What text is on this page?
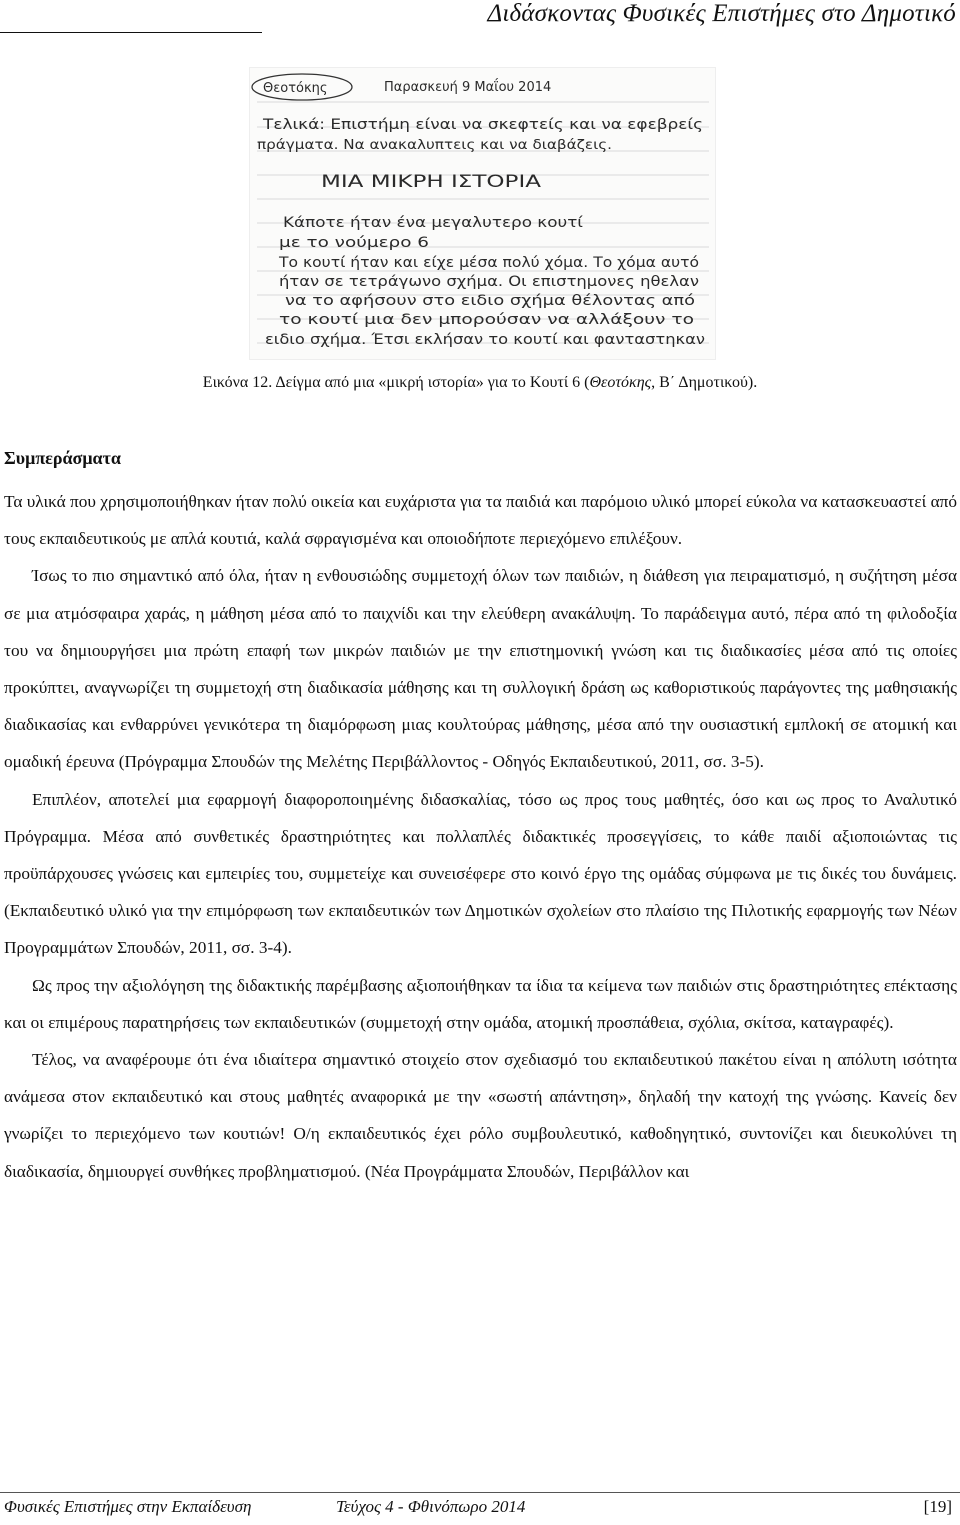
Διδάσκοντας Φυσικές Επιστήμες στο Δημοτικό
Θεοτόκης	Παρασκευή 9 Μαΐου 2014
Τελικά: Επιστήμη είναι να σκεφτείς και να εφεβρείς
πράγματα. Να ανακαλυπτεις και να διαβάζεις.
ΜΙΑ ΜΙΚΡΗ ΙΣΤΟΡΙΑ
Κάποτε ήταν ένα μεγαλυτερο κουτί
με το νούμερο 6
Το κουτί ήταν και είχε μέσα πολύ χόμα. Το χόμα αυτό
ήταν σε τετράγωνο σχήμα. Οι επιστημονες ηθελαν
να το αφήσουν στο ειδιο σχήμα θέλοντας από
το κουτί μια δεν μπορούσαν να αλλάξουν το
ειδιο σχήμα. Έτσι εκλήσαν το κουτί και φανταστηκαν
Εικόνα 12. Δείγμα από μια «μικρή ιστορία» για το Κουτί 6 (Θεοτόκης, Β΄ Δημοτικού).
Συμπεράσματα

Τα υλικά που χρησιμοποιήθηκαν ήταν πολύ οικεία και ευχάριστα για τα παιδιά και παρόμοιο υλικό μπορεί εύκολα να κατασκευαστεί από τους εκπαιδευτικούς με απλά κουτιά, καλά σφραγισμένα και οποιοδήποτε περιεχόμενο επιλέξουν.

Ίσως το πιο σημαντικό από όλα, ήταν η ενθουσιώδης συμμετοχή όλων των παιδιών, η διάθεση για πειραματισμό, η συζήτηση μέσα σε μια ατμόσφαιρα χαράς, η μάθηση μέσα από το παιχνίδι και την ελεύθερη ανακάλυψη. Το παράδειγμα αυτό, πέρα από τη φιλοδοξία του να δημιουργήσει μια πρώτη επαφή των μικρών παιδιών με την επιστημονική γνώση και τις διαδικασίες μέσα από τις οποίες προκύπτει, αναγνωρίζει τη συμμετοχή στη διαδικασία μάθησης και τη συλλογική δράση ως καθοριστικούς παράγοντες της μαθησιακής διαδικασίας και ενθαρρύνει γενικότερα τη διαμόρφωση μιας κουλτούρας μάθησης, μέσα από την ουσιαστική εμπλοκή σε ατομική και ομαδική έρευνα (Πρόγραμμα Σπουδών της Μελέτης Περιβάλλοντος - Οδηγός Εκπαιδευτικού, 2011, σσ. 3-5).

Επιπλέον, αποτελεί μια εφαρμογή διαφοροποιημένης διδασκαλίας, τόσο ως προς τους μαθητές, όσο και ως προς το Αναλυτικό Πρόγραμμα. Μέσα από συνθετικές δραστηριότητες και πολλαπλές διδακτικές προσεγγίσεις, το κάθε παιδί αξιοποιώντας τις προϋπάρχουσες γνώσεις και εμπειρίες του, συμμετείχε και συνεισέφερε στο κοινό έργο της ομάδας σύμφωνα με τις δικές του δυνάμεις. (Εκπαιδευτικό υλικό για την επιμόρφωση των εκπαιδευτικών των Δημοτικών σχολείων στο πλαίσιο της Πιλοτικής εφαρμογής των Νέων Προγραμμάτων Σπουδών, 2011, σσ. 3-4).

Ως προς την αξιολόγηση της διδακτικής παρέμβασης αξιοποιήθηκαν τα ίδια τα κείμενα των παιδιών στις δραστηριότητες επέκτασης και οι επιμέρους παρατηρήσεις των εκπαιδευτικών (συμμετοχή στην ομάδα, ατομική προσπάθεια, σχόλια, σκίτσα, καταγραφές).

Τέλος, να αναφέρουμε ότι ένα ιδιαίτερα σημαντικό στοιχείο στον σχεδιασμό του εκπαιδευτικού πακέτου είναι η απόλυτη ισότητα ανάμεσα στον εκπαιδευτικό και στους μαθητές αναφορικά με την «σωστή απάντηση», δηλαδή την κατοχή της γνώσης. Κανείς δεν γνωρίζει το περιεχόμενο των κουτιών! Ο/η εκπαιδευτικός έχει ρόλο συμβουλευτικό, καθοδηγητικό, συντονίζει και διευκολύνει τη διαδικασία, δημιουργεί συνθήκες προβληματισμού. (Νέα Προγράμματα Σπουδών, Περιβάλλον και

Φυσικές Επιστήμες στην Εκπαίδευση	Τεύχος 4 - Φθινόπωρο 2014	[19]
